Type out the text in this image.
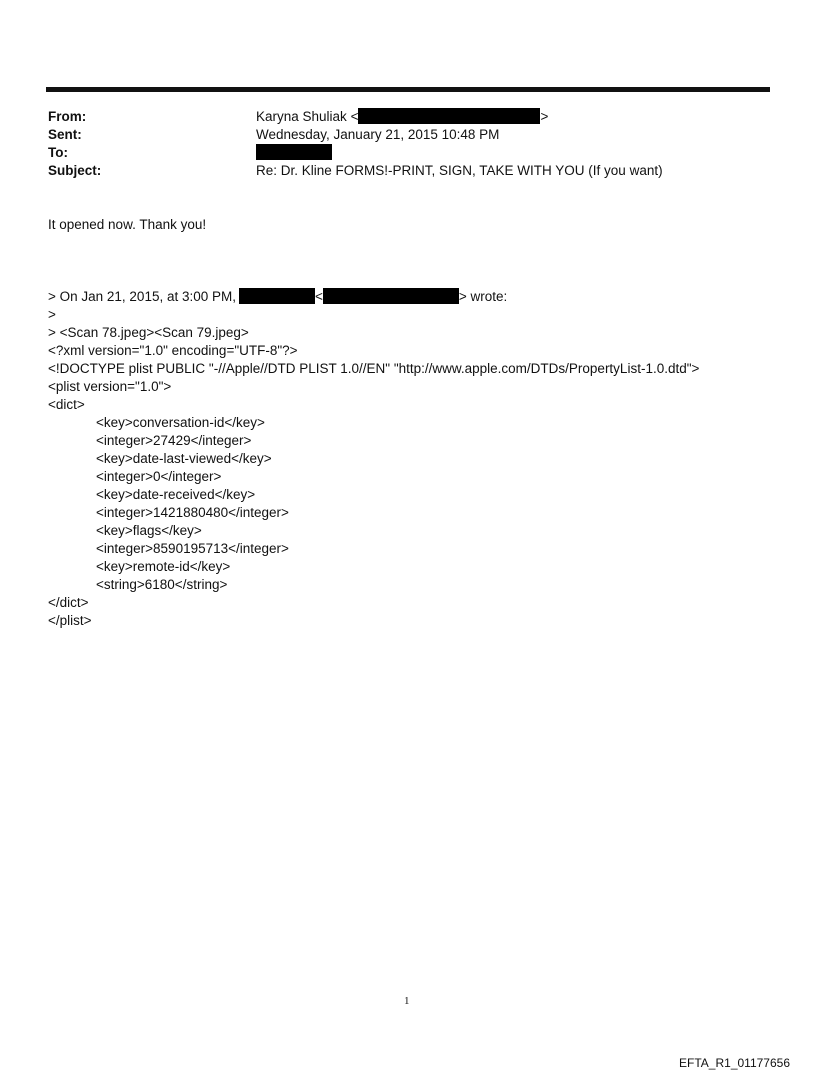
From:	Karyna Shuliak <	>
Sent:	Wednesday, January 21, 2015 10:48 PM
To:
Subject:	Re: Dr. Kline FORMS!-PRINT, SIGN, TAKE WITH YOU (If you want)
It opened now. Thank you!
> On Jan 21, 2015, at 3:00 PM,	<	> wrote:
>
> <Scan 78.jpeg><Scan 79.jpeg>
<?xml version="1.0" encoding="UTF-8"?>
<!DOCTYPE plist PUBLIC "-//Apple//DTD PLIST 1.0//EN" "http://www.apple.com/DTDs/PropertyList-1.0.dtd">
<plist version="1.0">
<dict>
<key>conversation-id</key>
<integer>27429</integer>
<key>date-last-viewed</key>
<integer>0</integer>
<key>date-received</key>
<integer>1421880480</integer>
<key>flags</key>
<integer>8590195713</integer>
<key>remote-id</key>
<string>6180</string>
</dict>
</plist>
1
EFTA_R1_01177656
